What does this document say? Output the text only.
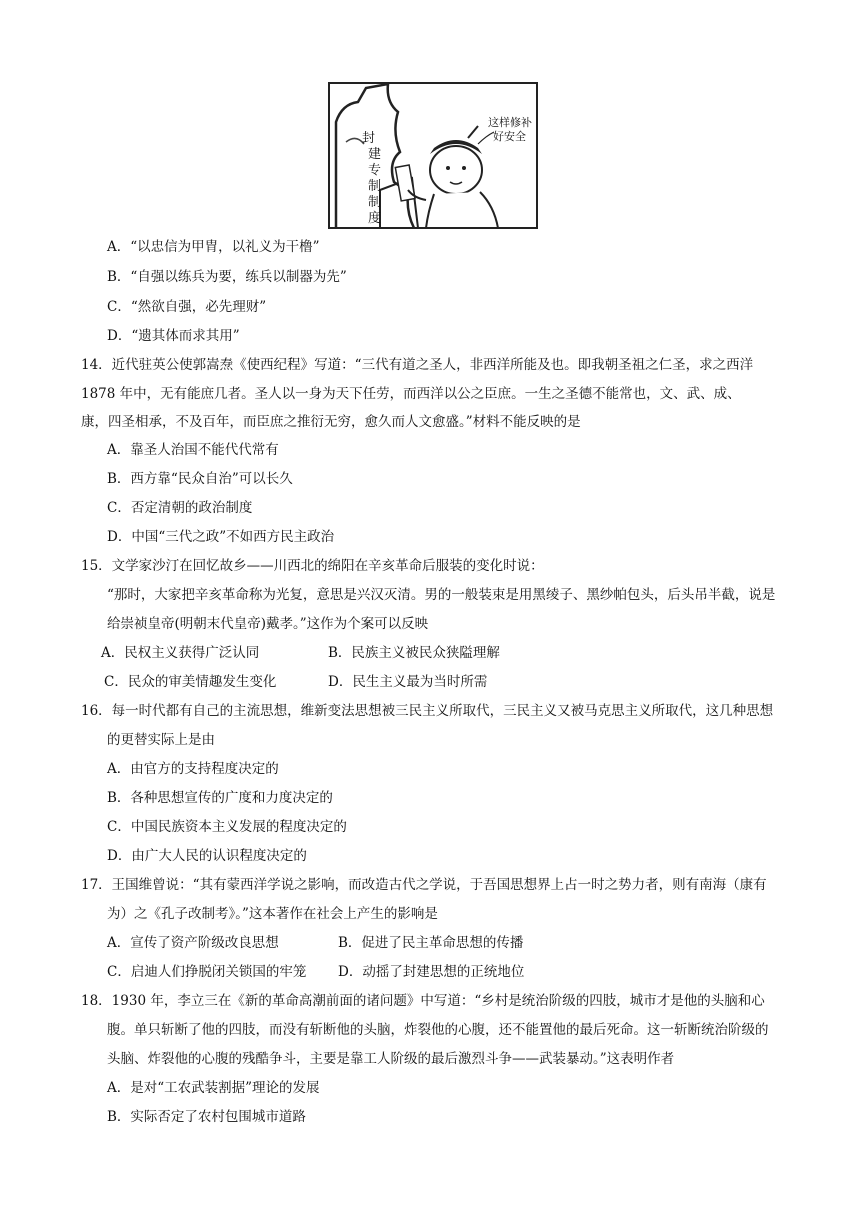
这样修补
好安全
封
建
专
制
制
度
A．“以忠信为甲胄，以礼义为干橹”
B．“自强以练兵为要，练兵以制器为先”
C．“然欲自强，必先理财”
D．“遗其体而求其用”
14．近代驻英公使郭嵩焘《使西纪程》写道：“三代有道之圣人，非西洋所能及也。即我朝圣祖之仁圣，求之西洋
1878 年中，无有能庶几者。圣人以一身为天下任劳，而西洋以公之臣庶。一生之圣德不能常也，文、武、成、
康，四圣相承，不及百年，而臣庶之推衍无穷，愈久而人文愈盛。”材料不能反映的是
A．靠圣人治国不能代代常有
B．西方靠“民众自治”可以长久
C．否定清朝的政治制度
D．中国“三代之政”不如西方民主政治
15．文学家沙汀在回忆故乡——川西北的绵阳在辛亥革命后服装的变化时说：
“那时，大家把辛亥革命称为光复，意思是兴汉灭清。男的一般装束是用黑绫子、黑纱帕包头，后头吊半截，说是
给崇祯皇帝(明朝末代皇帝)戴孝。”这作为个案可以反映
A．民权主义获得广泛认同	B．民族主义被民众狭隘理解
C．民众的审美情趣发生变化	D．民生主义最为当时所需
16．每一时代都有自己的主流思想，维新变法思想被三民主义所取代，三民主义又被马克思主义所取代，这几种思想
的更替实际上是由
A．由官方的支持程度决定的
B．各种思想宣传的广度和力度决定的
C．中国民族资本主义发展的程度决定的
D．由广大人民的认识程度决定的
17．王国维曾说：“其有蒙西洋学说之影响，而改造古代之学说，于吾国思想界上占一时之势力者，则有南海（康有
为）之《孔子改制考》。”这本著作在社会上产生的影响是
A．宣传了资产阶级改良思想	B．促进了民主革命思想的传播
C．启迪人们挣脱闭关锁国的牢笼 D．动摇了封建思想的正统地位
18．1930 年，李立三在《新的革命高潮前面的诸问题》中写道：“乡村是统治阶级的四肢，城市才是他的头脑和心
腹。单只斩断了他的四肢，而没有斩断他的头脑，炸裂他的心腹，还不能置他的最后死命。这一斩断统治阶级的
头脑、炸裂他的心腹的残酷争斗，主要是靠工人阶级的最后激烈斗争——武装暴动。”这表明作者
A．是对“工农武装割据”理论的发展
B．实际否定了农村包围城市道路
